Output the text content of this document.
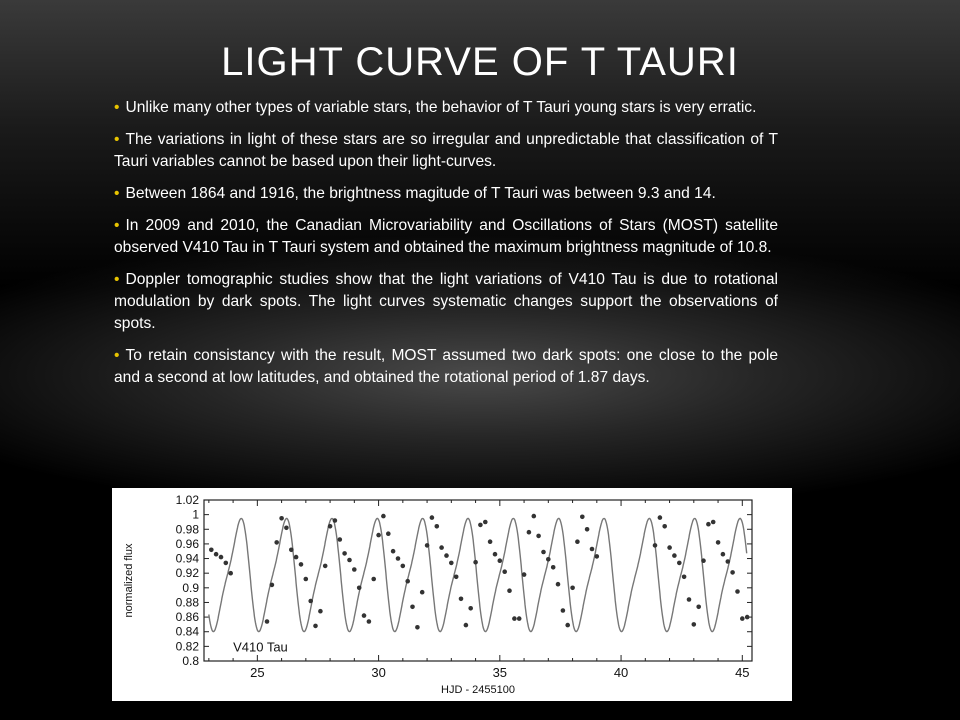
LIGHT CURVE OF T TAURI
• Unlike many other types of variable stars, the behavior of T Tauri young stars is very erratic.
• The variations in light of these stars are so irregular and unpredictable that classification of T Tauri variables cannot be based upon their light-curves.
• Between 1864 and 1916, the brightness magitude of T Tauri was between 9.3 and 14.
• In 2009 and 2010, the Canadian Microvariability and Oscillations of Stars (MOST) satellite observed V410 Tau in T Tauri system and obtained the maximum brightness magnitude of 10.8.
• Doppler tomographic studies show that the light variations of V410 Tau is due to rotational modulation by dark spots. The light curves systematic changes support the observations of spots.
• To retain consistancy with the result, MOST assumed two dark spots: one close to the pole and a second at low latitudes, and obtained the rotational period of 1.87 days.
0.8
0.82
0.84
0.86
0.88
0.9
0.92
0.94
0.96
0.98
1
1.02
25	30	35	40	45
V410 Tau
HJD - 2455100
normalized flux
